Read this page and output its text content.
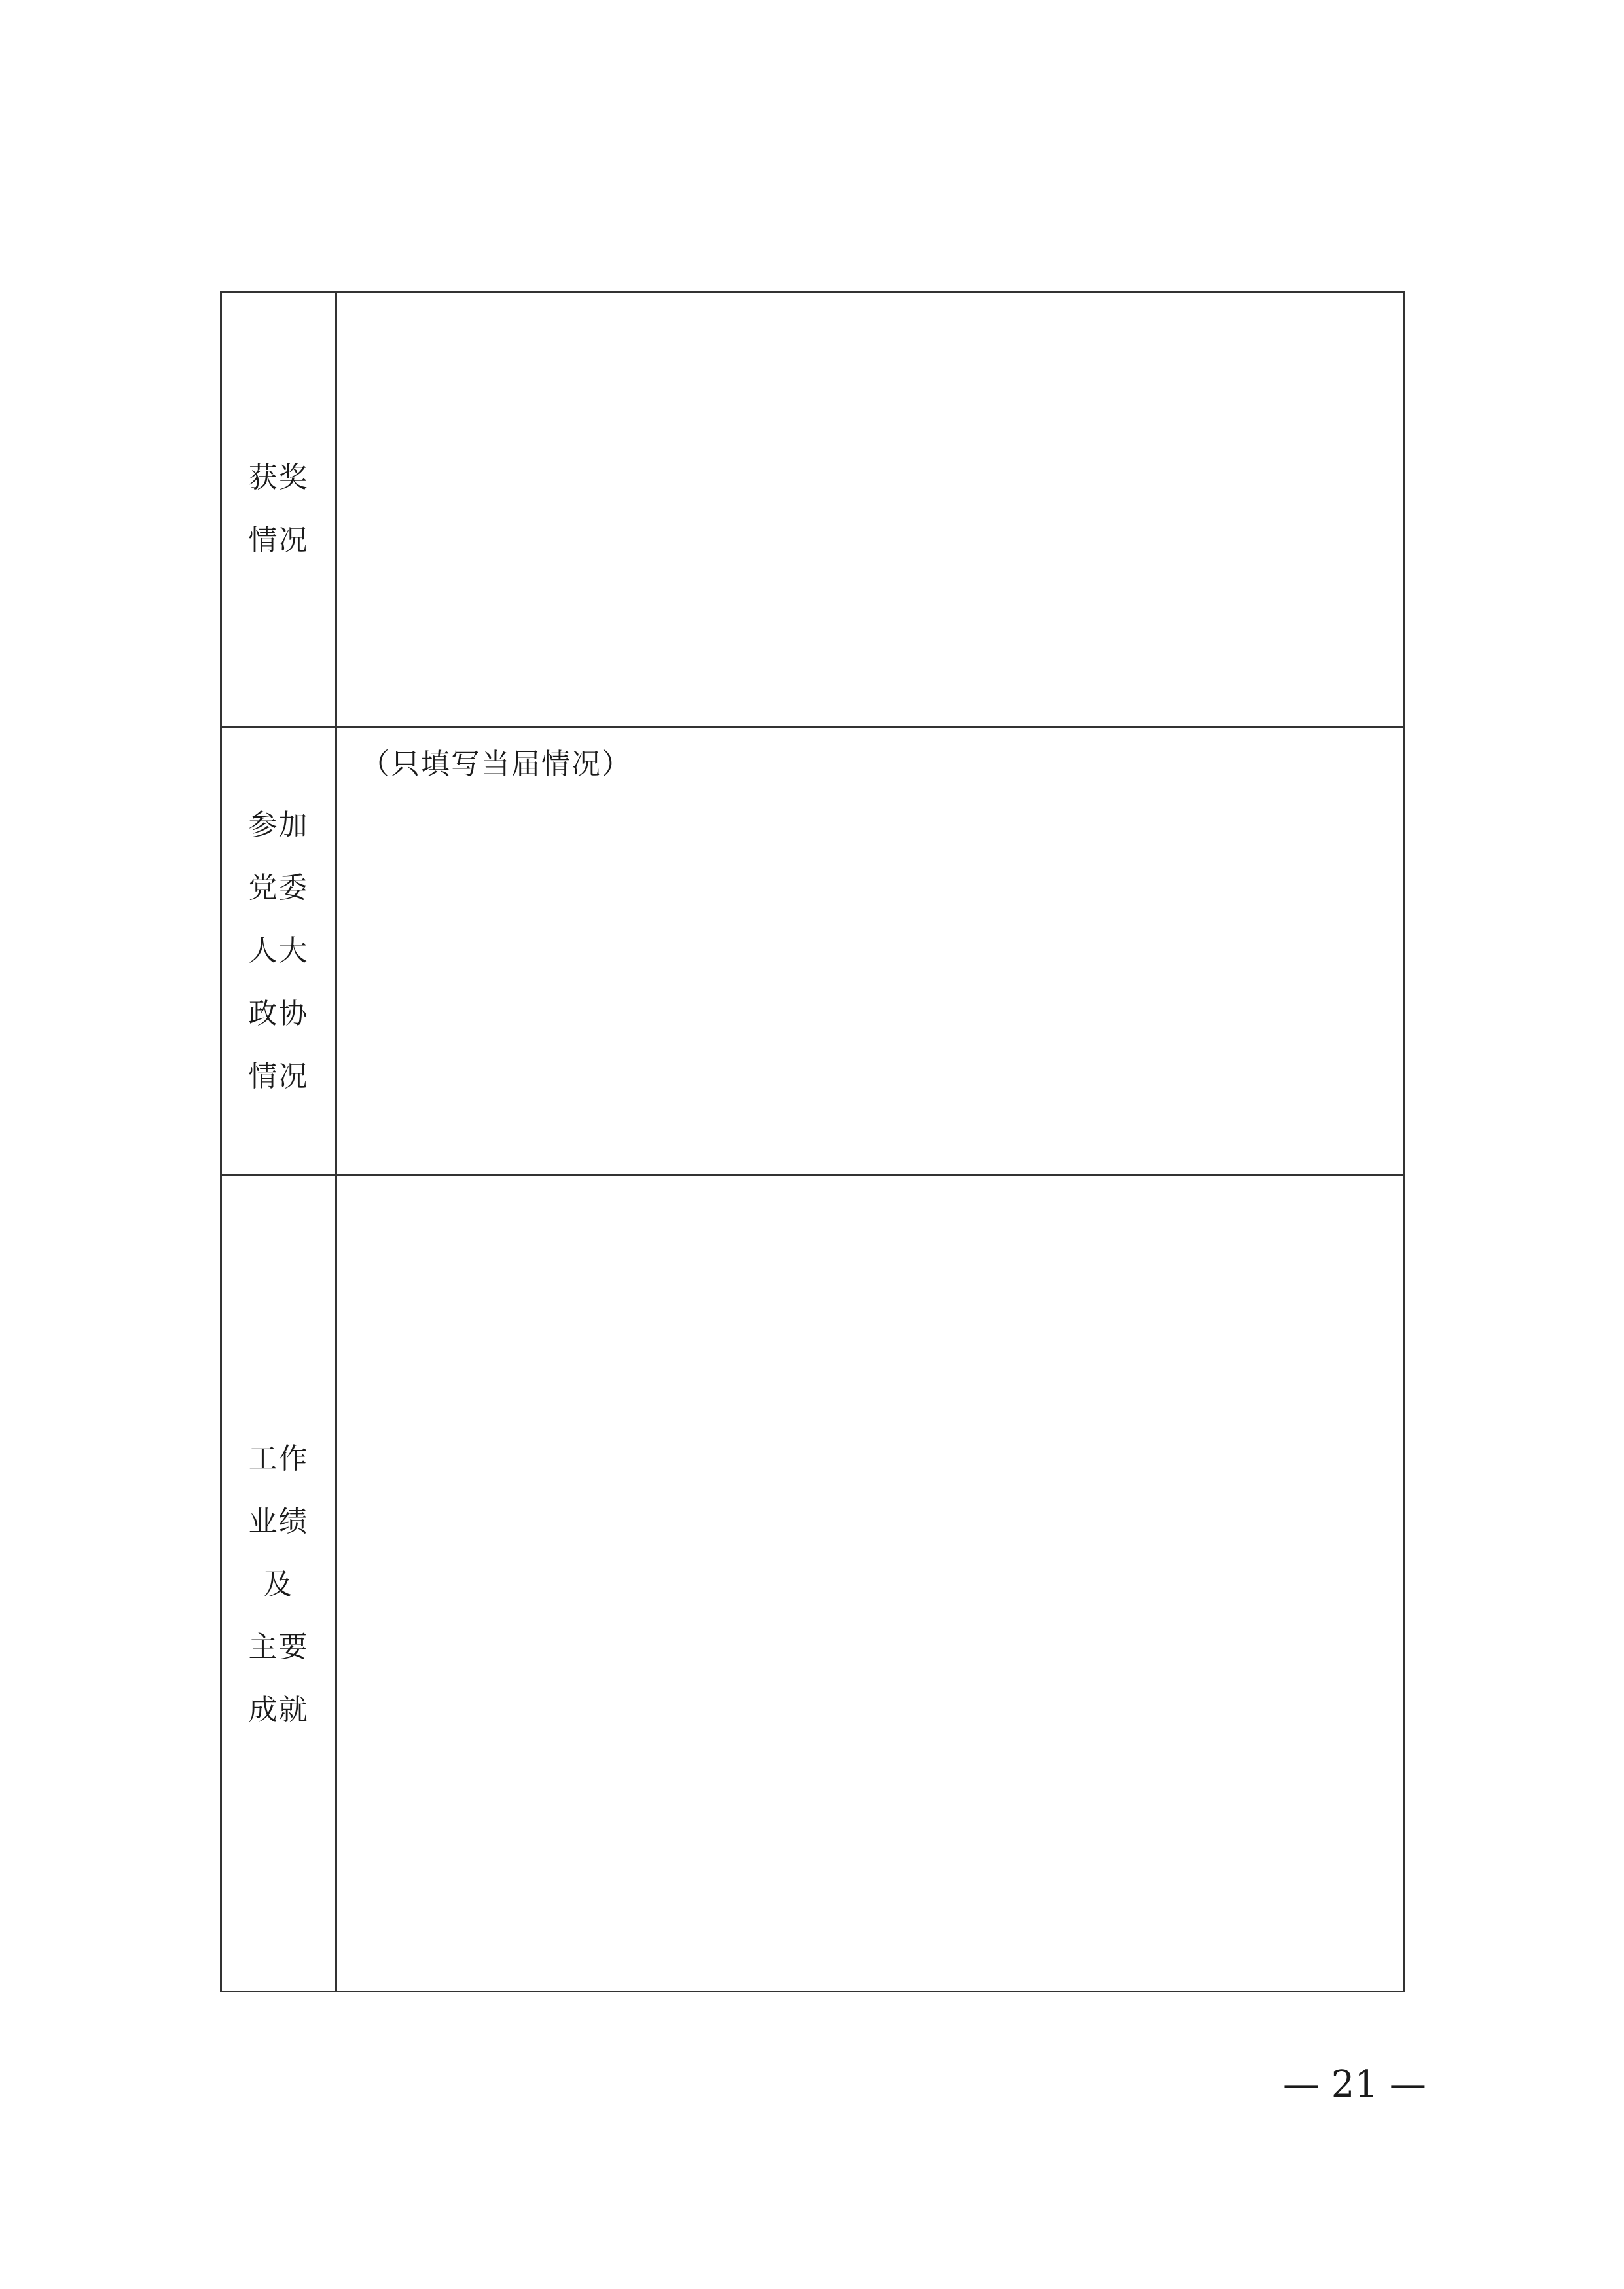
获奖
情况
参加
党委
人大
政协
情况
（只填写当届情况）
工作
业绩
及
主要
成就
— 21 —
